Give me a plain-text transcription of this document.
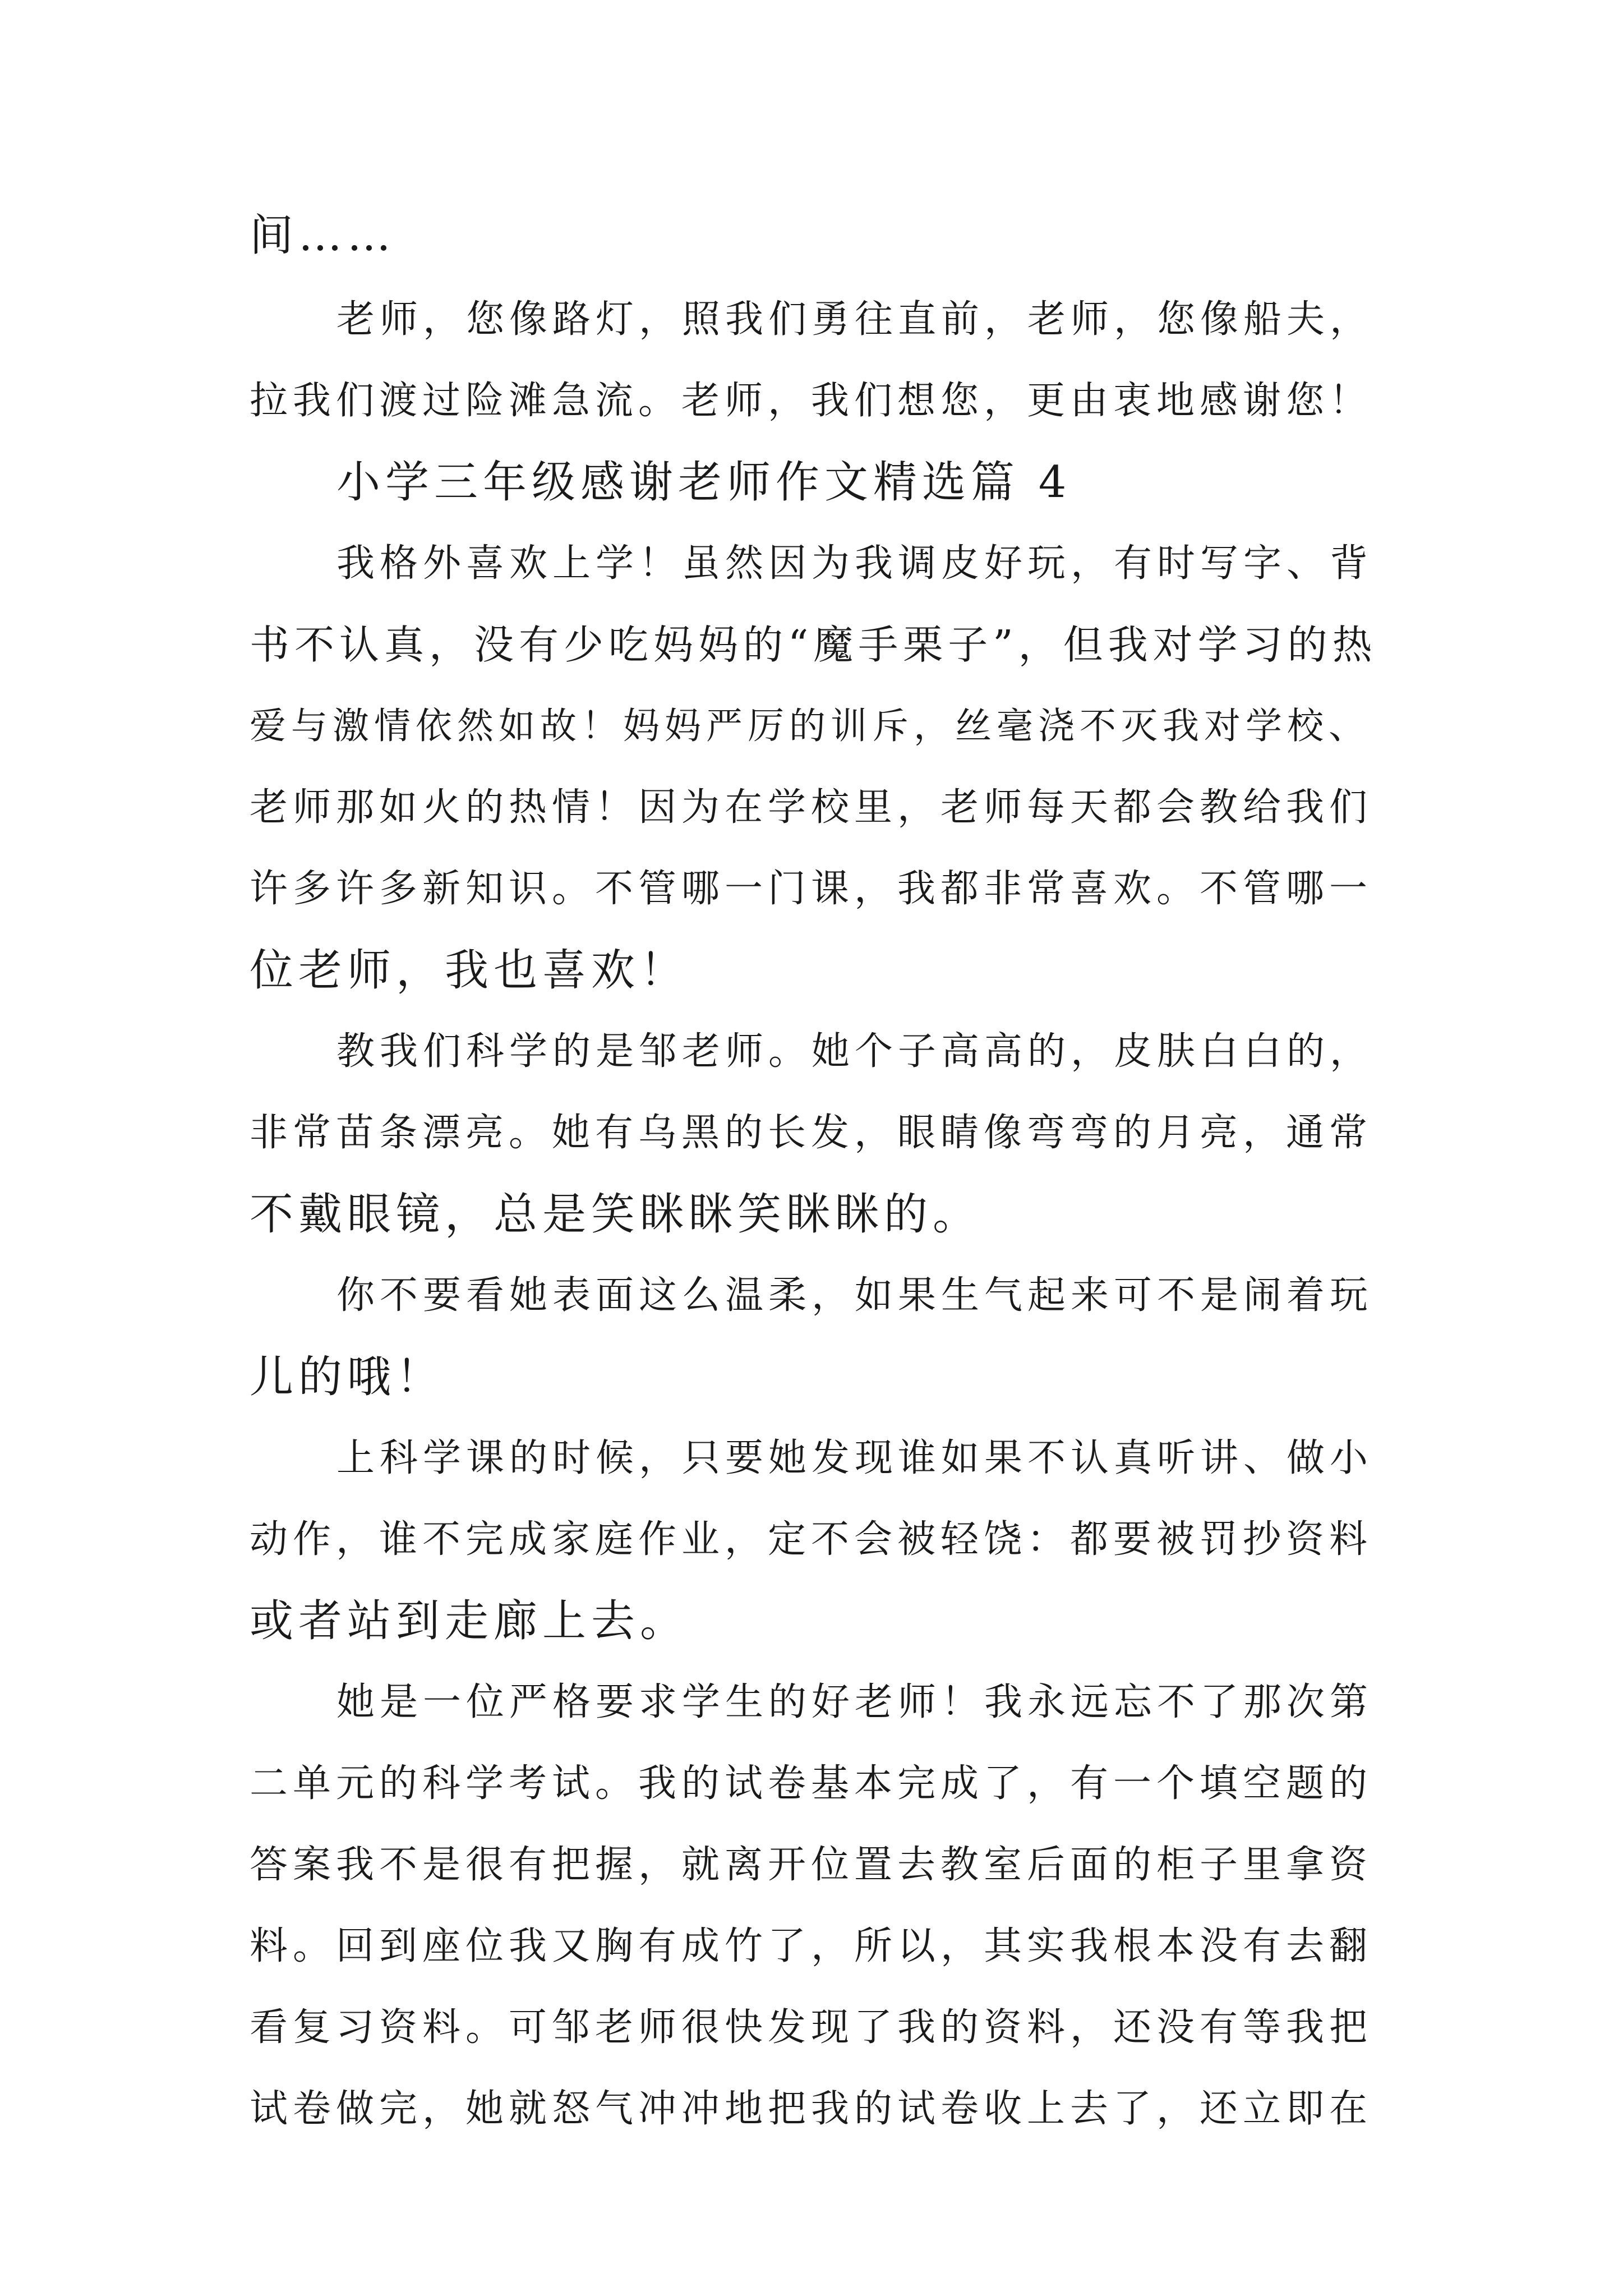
间……
老师，您像路灯，照我们勇往直前，老师，您像船夫，
拉我们渡过险滩急流。老师，我们想您，更由衷地感谢您！
小学三年级感谢老师作文精选篇 4
我格外喜欢上学！虽然因为我调皮好玩，有时写字、背
书不认真，没有少吃妈妈的“魔手栗子”，但我对学习的热
爱与激情依然如故！妈妈严厉的训斥，丝毫浇不灭我对学校、
老师那如火的热情！因为在学校里，老师每天都会教给我们
许多许多新知识。不管哪一门课，我都非常喜欢。不管哪一
位老师，我也喜欢！
教我们科学的是邹老师。她个子高高的，皮肤白白的，
非常苗条漂亮。她有乌黑的长发，眼睛像弯弯的月亮，通常
不戴眼镜，总是笑眯眯笑眯眯的。
你不要看她表面这么温柔，如果生气起来可不是闹着玩
儿的哦！
上科学课的时候，只要她发现谁如果不认真听讲、做小
动作，谁不完成家庭作业，定不会被轻饶：都要被罚抄资料
或者站到走廊上去。
她是一位严格要求学生的好老师！我永远忘不了那次第
二单元的科学考试。我的试卷基本完成了，有一个填空题的
答案我不是很有把握，就离开位置去教室后面的柜子里拿资
料。回到座位我又胸有成竹了，所以，其实我根本没有去翻
看复习资料。可邹老师很快发现了我的资料，还没有等我把
试卷做完，她就怒气冲冲地把我的试卷收上去了，还立即在
